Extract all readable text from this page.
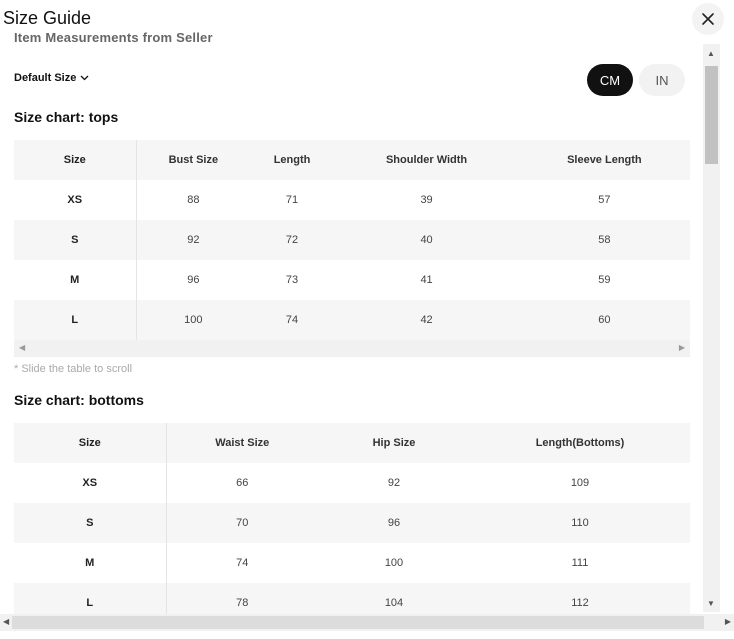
Size Guide
Item Measurements from Seller
Default Size	CM	IN
Size chart: tops
Size	Bust Size	Length	Shoulder Width	Sleeve Length
XS	88	71	39	57
S	92	72	40	58
M	96	73	41	59
L	100	74	42	60
◀	▶
* Slide the table to scroll
Size chart: bottoms
Size	Waist Size	Hip Size	Length(Bottoms)
XS	66	92	109
S	70	96	110
M	74	100	111
L	78	104	112
▲
▼
◀	▶
